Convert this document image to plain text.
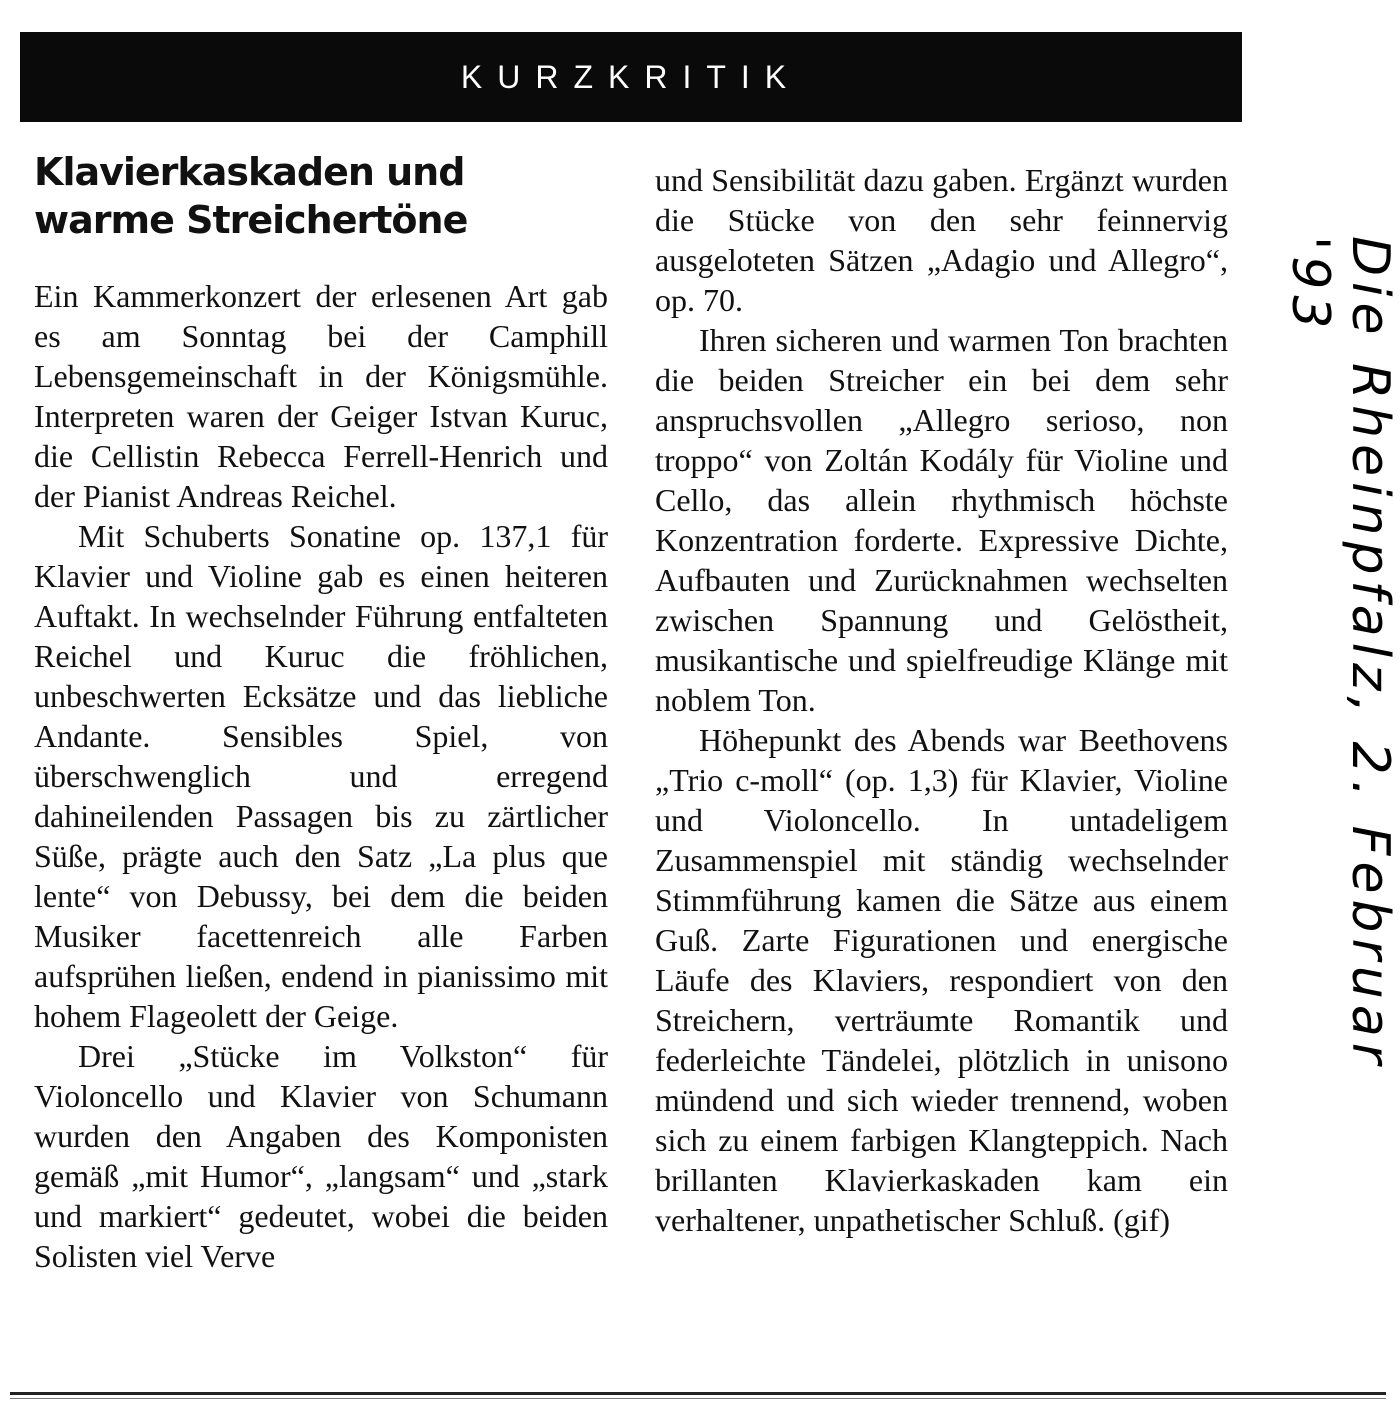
KURZKRITIK
Klavierkaskaden und
warme Streichertöne

Ein Kammerkonzert der erlesenen Art gab es am Sonntag bei der Camphill Lebensgemeinschaft in der Königsmühle. Interpreten waren der Geiger Istvan Kuruc, die Cellistin Rebecca Ferrell-Henrich und der Pianist Andreas Reichel.

Mit Schuberts Sonatine op. 137,1 für Klavier und Violine gab es einen heiteren Auftakt. In wechselnder Führung entfalteten Reichel und Kuruc die fröhlichen, unbeschwerten Ecksätze und das liebliche Andante. Sensibles Spiel, von überschwenglich und erregend dahineilenden Passagen bis zu zärtlicher Süße, prägte auch den Satz „La plus que lente“ von Debussy, bei dem die beiden Musiker facettenreich alle Farben aufsprühen ließen, endend in pianissimo mit hohem Flageolett der Geige.

Drei „Stücke im Volkston“ für Violoncello und Klavier von Schumann wurden den Angaben des Komponisten gemäß „mit Humor“, „langsam“ und „stark und markiert“ gedeutet, wobei die beiden Solisten viel Verve

und Sensibilität dazu gaben. Ergänzt wurden die Stücke von den sehr feinnervig ausgeloteten Sätzen „Adagio und Allegro“, op. 70.

Ihren sicheren und warmen Ton brachten die beiden Streicher ein bei dem sehr anspruchsvollen „Allegro serioso, non troppo“ von Zoltán Kodály für Violine und Cello, das allein rhythmisch höchste Konzentration forderte. Expressive Dichte, Aufbauten und Zurücknahmen wechselten zwischen Spannung und Gelöstheit, musikantische und spielfreudige Klänge mit noblem Ton.

Höhepunkt des Abends war Beethovens „Trio c-moll“ (op. 1,3) für Klavier, Violine und Violoncello. In untadeligem Zusammenspiel mit ständig wechselnder Stimmführung kamen die Sätze aus einem Guß. Zarte Figurationen und energische Läufe des Klaviers, respondiert von den Streichern, verträumte Romantik und federleichte Tändelei, plötzlich in unisono mündend und sich wieder trennend, woben sich zu einem farbigen Klangteppich. Nach brillanten Klavierkaskaden kam ein verhaltener, unpathetischer Schluß. (gif)

Die Rheinpfalz, 2. Februar '93
